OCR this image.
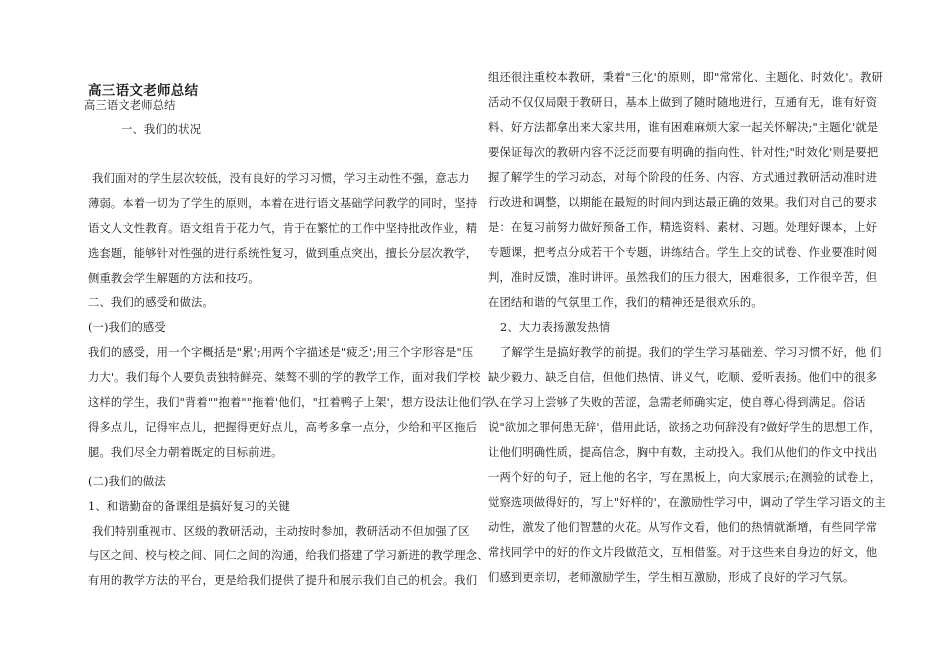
高三语文老师总结
高三语文老师总结
一、我们的状况
我们面对的学生层次较低，没有良好的学习习惯，学习主动性不强，意志力
薄弱。本着一切为了学生的原则，本着在进行语文基础学问教学的同时，坚持
语文人文性教育。语文组肯于花力气，肯于在繁忙的工作中坚持批改作业，精
选套题，能够针对性强的进行系统性复习，做到重点突出，擅长分层次教学，
侧重教会学生解题的方法和技巧。
二、我们的感受和做法。
(一)我们的感受
我们的感受，用一个字概括是"累';用两个字描述是"疲乏';用三个字形容是"压
力大'。我们每个人要负责独特鲜亮、桀骜不驯的学的教学工作，面对我们学校
这样的学生，我们"背着""抱着""拖着'他们，"扛着鸭子上架'，想方设法让他们学
得多点儿，记得牢点儿，把握得更好点儿，高考多拿一点分，少给和平区拖后
腿。我们尽全力朝着既定的目标前进。
(二)我们的做法
1、和谐勤奋的备课组是搞好复习的关键
我们特别重视市、区级的教研活动，主动按时参加，教研活动不但加强了区
与区之间、校与校之间、同仁之间的沟通，给我们搭建了学习新进的教学理念、
有用的教学方法的平台，更是给我们提供了提升和展示我们自己的机会。我们
组还很注重校本教研，秉着"三化'的原则，即"常常化、主题化、时效化'。教研
活动不仅仅局限于教研日，基本上做到了随时随地进行，互通有无，谁有好资
料、好方法都拿出来大家共用，谁有困难麻烦大家一起关怀解决;"主题化'就是
要保证每次的教研内容不泛泛而要有明确的指向性、针对性;"时效化'则是要把
握了解学生的学习动态，对每个阶段的任务、内容、方式通过教研活动准时进
行改进和调整，以期能在最短的时间内到达最正确的效果。我们对自己的要求
是：在复习前努力做好预备工作，精选资料、素材、习题。处理好课本，上好
专题课，把考点分成若干个专题，讲练结合。学生上交的试卷、作业要准时阅
判，准时反馈，准时讲评。虽然我们的压力很大，困难很多，工作很辛苦，但
在团结和谐的气氛里工作，我们的精神还是很欢乐的。
2、大力表扬激发热情
了解学生是搞好教学的前提。我们的学生学习基础差、学习习惯不好，他 们
缺少毅力、缺乏自信，但他们热情、讲义气，吃顺、爱听表扬。他们中的很多
人在学习上尝够了失败的苦涩，急需老师确实定，使自尊心得到满足。俗话
说"欲加之罪何患无辞'，借用此话，欲扬之功何辞没有?做好学生的思想工作，
让他们明确性质，提高信念，胸中有数，主动投入。我们从他们的作文中找出
一两个好的句子，冠上他的名字，写在黑板上，向大家展示;在测验的试卷上，
觉察选项做得好的，写上"好样的'，在激励性学习中，调动了学生学习语文的主
动性，激发了他们智慧的火花。从写作文看，他们的热情就渐增，有些同学常
常找同学中的好的作文片段做范文，互相借鉴。对于这些来自身边的好文，他
们感到更亲切，老师激励学生，学生相互激励，形成了良好的学习气氛。
